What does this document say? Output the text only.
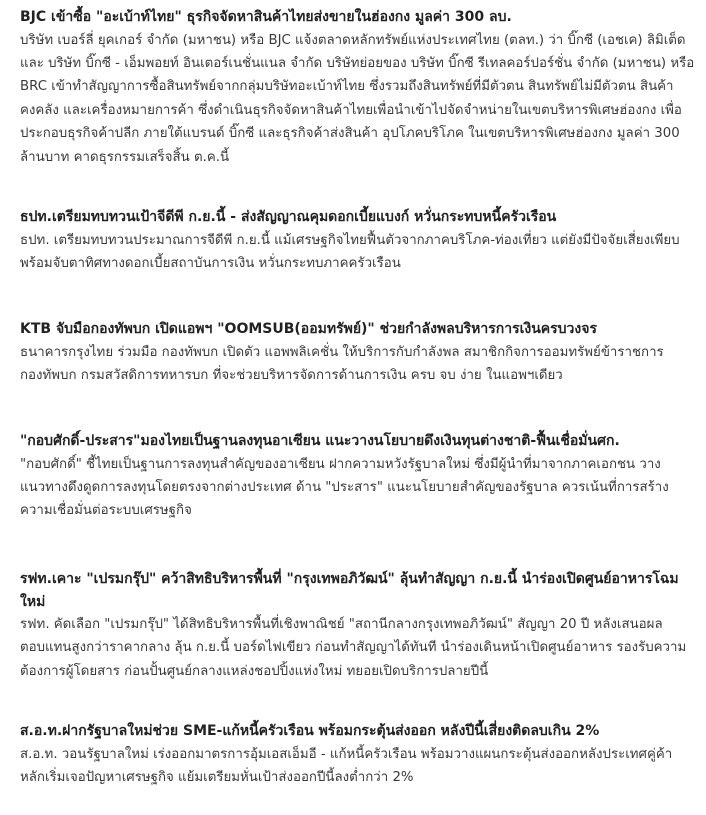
BJC เข้าซื้อ "อะเบ้าท์ไทย" ธุรกิจจัดหาสินค้าไทยส่งขายในฮ่องกง มูลค่า 300 ลบ.
บริษัท เบอร์ลี่ ยุคเกอร์ จำกัด (มหาชน) หรือ BJC แจ้งตลาดหลักทรัพย์แห่งประเทศไทย (ตลท.) ว่า บิ๊กซี (เอชเค) ลิมิเต็ด และ บริษัท บิ๊กซี - เอ็มพอยท์ อินเตอร์เนชั่นแนล จำกัด บริษัทย่อยของ บริษัท บิ๊กซี รีเทลคอร์ปอร์ชั่น จำกัด (มหาชน) หรือ BRC เข้าทำสัญญาการซื้อสินทรัพย์จากกลุ่มบริษัทอะเบ้าท์ไทย ซึ่งรวมถึงสินทรัพย์ที่มีตัวตน สินทรัพย์ไม่มีตัวตน สินค้าคงคลัง และเครื่องหมายการค้า ซึ่งดำเนินธุรกิจจัดหาสินค้าไทยเพื่อนำเข้าไปจัดจำหน่ายในเขตบริหารพิเศษฮ่องกง เพื่อประกอบธุรกิจค้าปลีก ภายใต้แบรนด์ บิ๊กซี และธุรกิจค้าส่งสินค้า อุปโภคบริโภค ในเขตบริหารพิเศษฮ่องกง มูลค่า 300 ล้านบาท คาดธุรกรรมเสร็จสิ้น ต.ค.นี้
ธปท.เตรียมทบทวนเป้าจีดีพี ก.ย.นี้ - ส่งสัญญาณคุมดอกเบี้ยแบงก์ หวั่นกระทบหนี้ครัวเรือน
ธปท. เตรียมทบทวนประมาณการจีดีพี ก.ย.นี้ แม้เศรษฐกิจไทยฟื้นตัวจากภาคบริโภค-ท่องเที่ยว แต่ยังมีปัจจัยเสี่ยงเพียบ พร้อมจับตาทิศทางดอกเบี้ยสถาบันการเงิน หวั่นกระทบภาคครัวเรือน
KTB จับมือกองทัพบก เปิดแอพฯ "OOMSUB(ออมทรัพย์)" ช่วยกำลังพลบริหารการเงินครบวงจร
ธนาคารกรุงไทย ร่วมมือ กองทัพบก เปิดตัว แอพพลิเคชั่น ให้บริการกับกำลังพล สมาชิกกิจการออมทรัพย์ข้าราชการกองทัพบก กรมสวัสดิการทหารบก ที่จะช่วยบริหารจัดการด้านการเงิน ครบ จบ ง่าย ในแอพฯเดียว
"กอบศักดิ์-ประสาร"มองไทยเป็นฐานลงทุนอาเซียน แนะวางนโยบายดึงเงินทุนต่างชาติ-ฟื้นเชื่อมั่นศก.
"กอบศักดิ์" ชี้ไทยเป็นฐานการลงทุนสำคัญของอาเซียน ฝากความหวังรัฐบาลใหม่ ซึ่งมีผู้นำที่มาจากภาคเอกชน วางแนวทางดึงดูดการลงทุนโดยตรงจากต่างประเทศ ด้าน "ประสาร" แนะนโยบายสำคัญของรัฐบาล ควรเน้นที่การสร้างความเชื่อมั่นต่อระบบเศรษฐกิจ
รฟท.เคาะ "เปรมกรุ๊ป" คว้าสิทธิบริหารพื้นที่ "กรุงเทพอภิวัฒน์" ลุ้นทำสัญญา ก.ย.นี้ นำร่องเปิดศูนย์อาหารโฉมใหม่
รฟท. คัดเลือก "เปรมกรุ๊ป" ได้สิทธิบริหารพื้นที่เชิงพาณิชย์ "สถานีกลางกรุงเทพอภิวัฒน์" สัญญา 20 ปี หลังเสนอผลตอบแทนสูงกว่าราคากลาง ลุ้น ก.ย.นี้ บอร์ดไฟเขียว ก่อนทำสัญญาได้ทันที นำร่องเดินหน้าเปิดศูนย์อาหาร รองรับความต้องการผู้โดยสาร ก่อนปั้นศูนย์กลางแหล่งชอปปิ้งแห่งใหม่ ทยอยเปิดบริการปลายปีนี้
ส.อ.ท.ฝากรัฐบาลใหม่ช่วย SME-แก้หนี้ครัวเรือน พร้อมกระตุ้นส่งออก หลังปีนี้เสี่ยงติดลบเกิน 2%
ส.อ.ท. วอนรัฐบาลใหม่ เร่งออกมาตรการอุ้มเอสเอ็มอี - แก้หนี้ครัวเรือน พร้อมวางแผนกระตุ้นส่งออกหลังประเทศคู่ค้าหลักเริ่มเจอปัญหาเศรษฐกิจ แย้มเตรียมหั่นเป้าส่งออกปีนี้ลงต่ำกว่า 2%
